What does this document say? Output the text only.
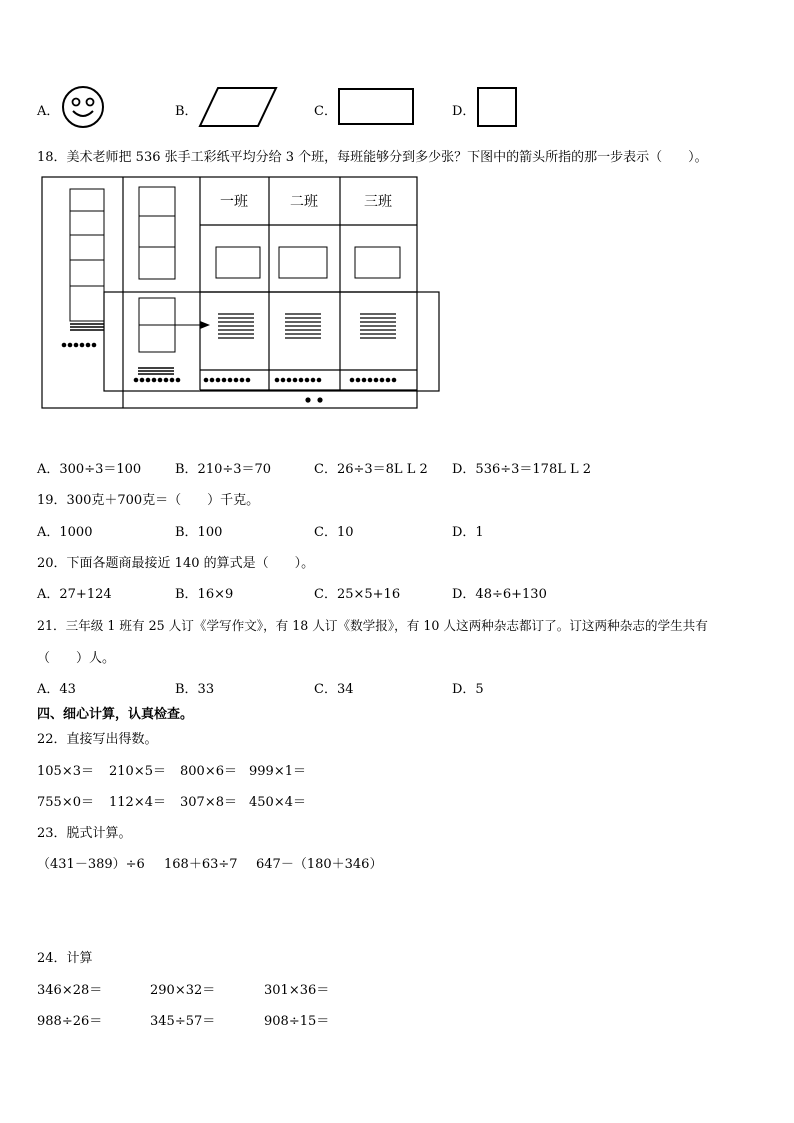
A．	B．	C．	D．
18．美术老师把 536 张手工彩纸平均分给 3 个班，每班能够分到多少张？下图中的箭头所指的那一步表示（　　）。
一班	二班	三班
A．300÷3＝100	B．210÷3＝70	C．26÷3＝8L L 2 D．536÷3＝178L L 2
19．300克＋700克＝（　　）千克。
A．1000	B．100	C．10	D．1
20．下面各题商最接近 140 的算式是（　　）。
A．27+124	B．16×9	C．25×5+16	D．48÷6+130
21．三年级 1 班有 25 人订《学写作文》，有 18 人订《数学报》，有 10 人这两种杂志都订了。订这两种杂志的学生共有
（　　）人。
A．43	B．33	C．34	D．5
四、细心计算，认真检查。
22．直接写出得数。
105×3＝ 210×5＝ 800×6＝ 999×1＝
755×0＝ 112×4＝ 307×8＝ 450×4＝
23．脱式计算。
（431－389）÷6 168＋63÷7 647－（180＋346）
24．计算
346×28＝	290×32＝	301×36＝
988÷26＝	345÷57＝	908÷15＝
